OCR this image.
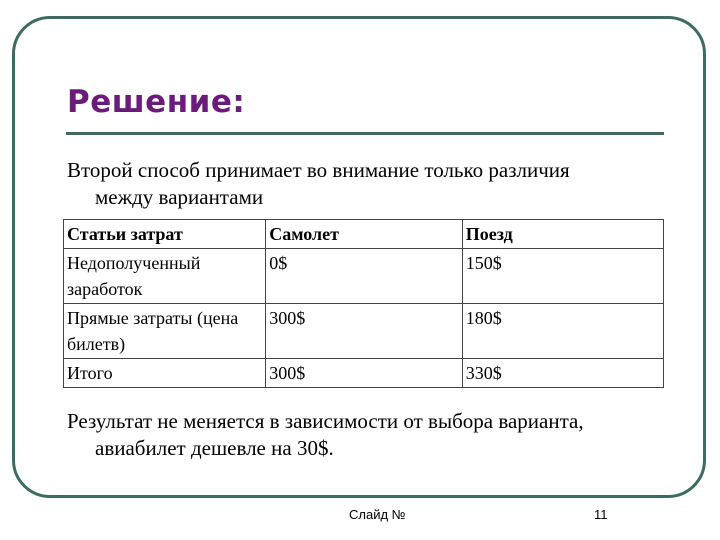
Решение:
Второй способ принимает во внимание только различия
между вариантами
Статьи затрат	Самолет	Поезд
Недополученный заработок	0$	150$
Прямые затраты (цена билетв)	300$	180$
Итого	300$	330$
Результат не меняется в зависимости от выбора варианта,
авиабилет дешевле на 30$.
Слайд №	11
